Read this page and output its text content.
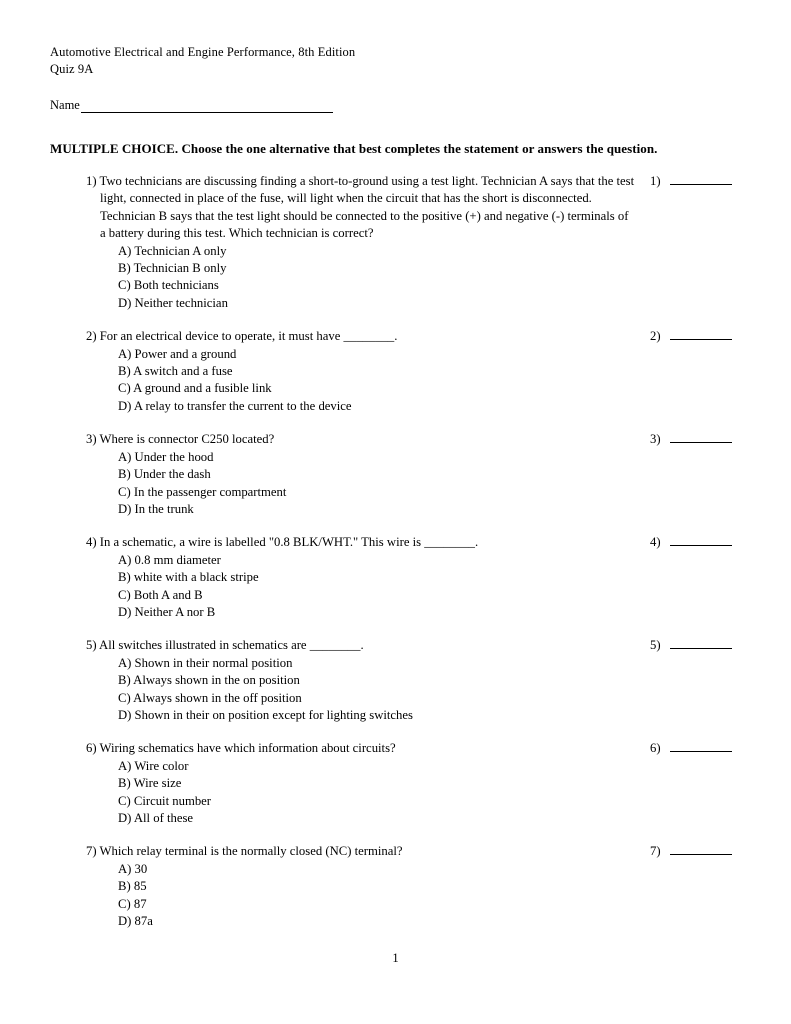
Automotive Electrical and Engine Performance, 8th Edition
Quiz 9A
Name
MULTIPLE CHOICE. Choose the one alternative that best completes the statement or answers the question.
1) Two technicians are discussing finding a short-to-ground using a test light. Technician A says that the test light, connected in place of the fuse, will light when the circuit that has the short is disconnected. Technician B says that the test light should be connected to the positive (+) and negative (-) terminals of a battery during this test. Which technician is correct?
A) Technician A only
B) Technician B only
C) Both technicians
D) Neither technician
1)
2) For an electrical device to operate, it must have ________.
A) Power and a ground
B) A switch and a fuse
C) A ground and a fusible link
D) A relay to transfer the current to the device
2)
3) Where is connector C250 located?
A) Under the hood
B) Under the dash
C) In the passenger compartment
D) In the trunk
3)
4) In a schematic, a wire is labelled "0.8 BLK/WHT." This wire is ________.
A) 0.8 mm diameter
B) white with a black stripe
C) Both A and B
D) Neither A nor B
4)
5) All switches illustrated in schematics are ________.
A) Shown in their normal position
B) Always shown in the on position
C) Always shown in the off position
D) Shown in their on position except for lighting switches
5)
6) Wiring schematics have which information about circuits?
A) Wire color
B) Wire size
C) Circuit number
D) All of these
6)
7) Which relay terminal is the normally closed (NC) terminal?
A) 30
B) 85
C) 87
D) 87a
7)
1
